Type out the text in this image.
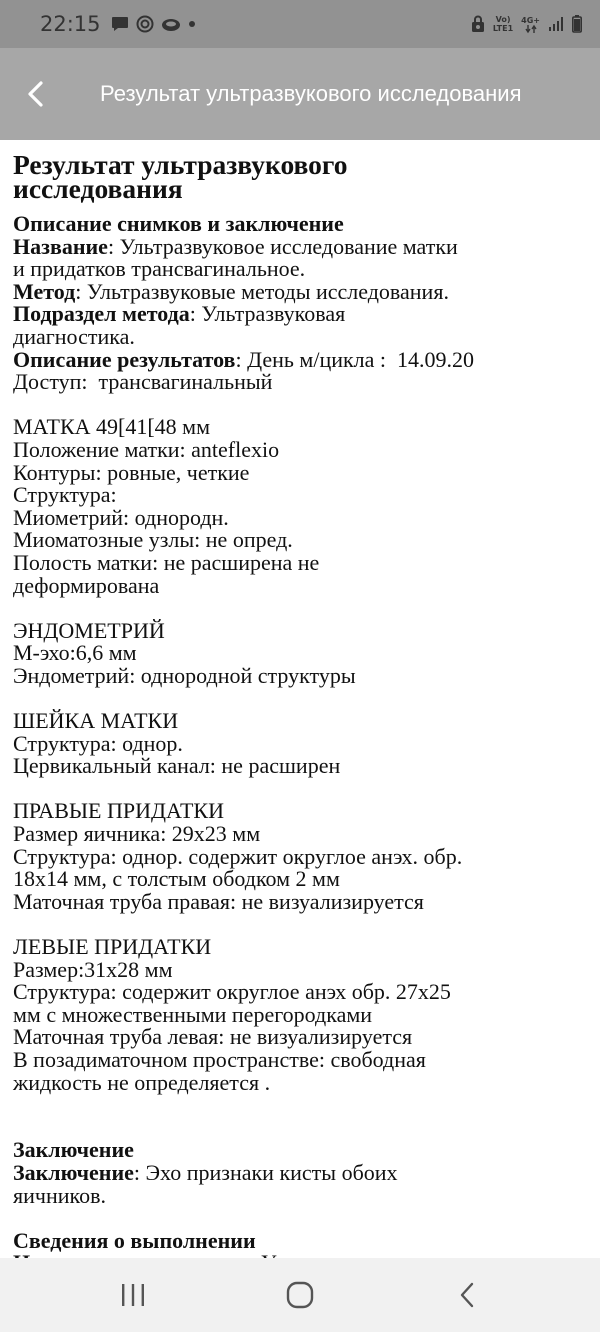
22:15	Vo)
LTE1
4G+
Результат ультразвукового исследования
Результат ультразвукового
исследования
Описание снимков и заключение
Название: Ультразвуковое исследование матки
и придатков трансвагинальное.
Метод: Ультразвуковые методы исследования.
Подраздел метода: Ультразвуковая
диагностика.
Описание результатов: День м/цикла :  14.09.20
Доступ:  трансвагинальный
МАТКА 49[41[48 мм
Положение матки: anteflexio
Контуры: ровные, четкие
Структура:
Миометрий: однородн.
Миоматозные узлы: не опред.
Полость матки: не расширена не
деформирована
ЭНДОМЕТРИЙ
М-эхо:6,6 мм
Эндометрий: однородной структуры
ШЕЙКА МАТКИ
Структура: однор.
Цервикальный канал: не расширен
ПРАВЫЕ ПРИДАТКИ
Размер яичника: 29х23 мм
Структура: однор. содержит округлое анэх. обр.
18х14 мм, с толстым ободком 2 мм
Маточная труба правая: не визуализируется
ЛЕВЫЕ ПРИДАТКИ
Размер:31х28 мм
Структура: содержит округлое анэх обр. 27х25
мм с множественными перегородками
Маточная труба левая: не визуализируется
В позадиматочном пространстве: свободная
жидкость не определяется .
Заключение
Заключение: Эхо признаки кисты обоих
яичников.
Сведения о выполнении
